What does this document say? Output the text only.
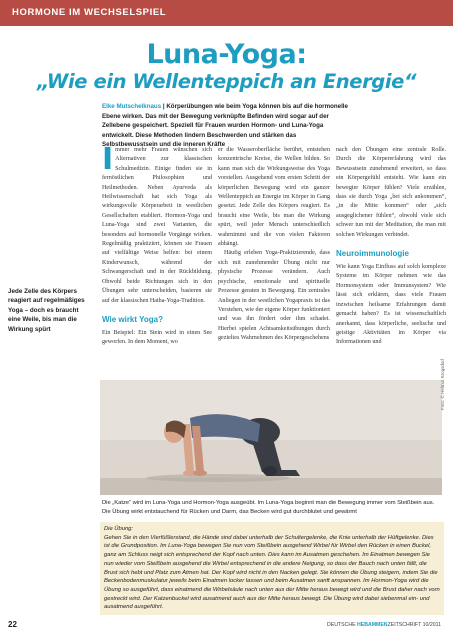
HORMONE IM WECHSELSPIEL
Luna-Yoga:
„Wie ein Wellenteppich an Energie“
Elke Mutschelknaus | Körperübungen wie beim Yoga können bis auf die hormonelle Ebene wirken. Das mit der Bewegung verknüpfte Befinden wird sogar auf der Zellebene gespeichert. Speziell für Frauen wurden Hormon- und Luna-Yoga entwickelt. Diese Methoden lindern Beschwerden und stärken das Selbstbewusstsein und die inneren Kräfte
Jede Zelle des Körpers reagiert auf regelmäßiges Yoga – doch es braucht eine Weile, bis man die Wirkung spürt

Immer mehr Frauen wünschen sich Alternativen zur klassischen Schulmedizin. Einige finden sie in fernöstlichen Philosophien und Heilmethoden. Neben Ayurveda als Heilwissenschaft hat sich Yoga als wirkungsvolle Körperarbeit in westlichen Gesellschaften etabliert. Hormon-Yoga und Luna-Yoga sind zwei Varianten, die besonders auf hormonelle Vorgänge wirken. Regelmäßig praktiziert, können sie Frauen auf vielfältige Weise helfen: bei einem Kinderwunsch, während der Schwangerschaft und in der Rückbildung. Obwohl beide Richtungen sich in den Übungen sehr unterscheiden, basieren sie auf der klassischen Hatha-Yoga-Tradition.

Wie wirkt Yoga?

Ein Beispiel: Ein Stein wird in einen See geworfen. In dem Moment, wo

er die Wasseroberfläche berührt, entstehen konzentrische Kreise, die Wellen bilden. So kann man sich die Wirkungsweise des Yoga vorstellen. Ausgehend vom ersten Schritt der körperlichen Bewegung wird ein ganzer Wellenteppich an Energie im Körper in Gang gesetzt. Jede Zelle des Körpers reagiert. Es braucht eine Weile, bis man die Wirkung spürt, weil jeder Mensch unterschiedlich wahrnimmt und die von vielen Faktoren abhängt.

Häufig erleben Yoga-Praktizierende, dass sich mit zunehmender Übung nicht nur physische Prozesse verändern. Auch psychische, emotionale und spirituelle Prozesse geraten in Bewegung. Ein zentrales Anliegen in der westlichen Yogapraxis ist das Verstehen, wie der eigene Körper funktioniert und was ihn fördert oder ihm schadet. Hierbei spielen Achtsamkeitsübungen durch gezieltes Wahrnehmen des Körpergeschehens

nach den Übungen eine zentrale Rolle. Durch die Körpererfahrung wird das Bewusstsein zunehmend erweitert, so dass ein Körpergefühl entsteht. Wie kann ein bewegter Körper fühlen? Viele erzählen, dass sie durch Yoga „bei sich ankommen“, „in die Mitte kommen“ oder „sich ausgeglichener fühlen“, obwohl viele sich schwer tun mit der Meditation, die man mit solchen Wirkungen verbindet.

Neuroimmunologie

Wie kann Yoga Einfluss auf solch komplexe Systeme im Körper nehmen wie das Hormonsystem oder Immunsystem? Wie lässt sich erklären, dass viele Frauen inzwischen heilsame Erfahrungen damit gemacht haben? Es ist wissenschaftlich anerkannt, dass körperliche, seelische und geistige Aktivitäten im Körper via Informationen und

Foto: © Helmut Krogsdorf
Die „Katze“ wird im Luna-Yoga und Hormon-Yoga ausgeübt. Im Luna-Yoga beginnt man die Bewegung immer vom Steißbein aus. Die Übung wirkt entstauchend für Rücken und Darm, das Becken wird gut durchblutet und gewärmt
Die Übung:
Gehen Sie in den Vierfüßlerstand, die Hände sind dabei unterhalb der Schultergelenke, die Knie unterhalb der Hüftgelenke. Dies ist die Grundposition. Im Luna-Yoga bewegen Sie nun vom Steißbein ausgehend Wirbel für Wirbel den Rücken in einen Buckel, ganz am Schluss neigt sich entsprechend der Kopf nach unten. Dies kann im Ausatmen geschehen. Im Einatmen bewegen Sie nun wieder vom Steißbein ausgehend die Wirbel entsprechend in die andere Neigung, so dass der Bauch nach unten fällt, die Brust sich hebt und Platz zum Atmen hat. Der Kopf wird nicht in den Nacken gelegt. Sie können die Übung steigern, indem Sie die Beckenbodenmuskulatur jeweils beim Einatmen locker lassen und beim Ausatmen sanft anspannen. Im Hormon-Yoga wird die Übung so ausgeführt, dass einatmend die Wirbelsäule nach unten aus der Mitte heraus bewegt wird und die Brust daher nach vorn gestreckt wird. Der Katzenbuckel wird ausatmend auch aus der Mitte heraus bewegt. Die Übung wird dabei siebenmal ein- und ausatmend ausgeführt.
22	DEUTSCHE HEBAMMENZEITSCHRIFT 10/2011
